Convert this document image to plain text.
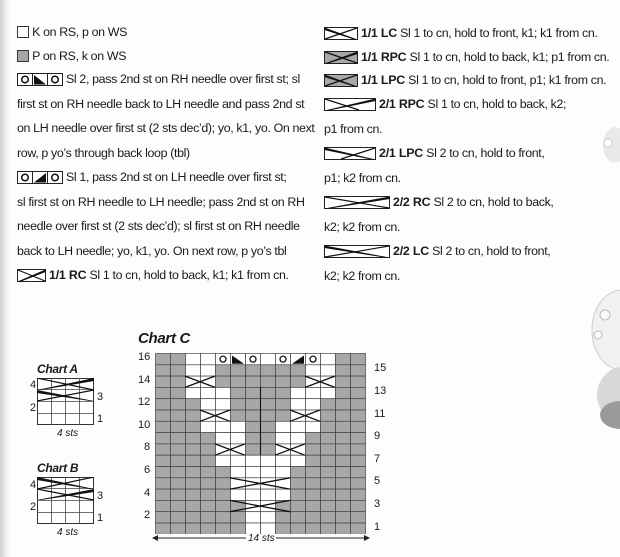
K on RS, p on WS
P on RS, k on WS
Sl 2, pass 2nd st on RH needle over first st; sl
first st on RH needle back to LH needle and pass 2nd st
on LH needle over first st (2 sts dec’d); yo, k1, yo. On next
row, p yo’s through back loop (tbl)
Sl 1, pass 2nd st on LH needle over first st;
sl first st on RH needle to LH needle; pass 2nd st on RH
needle over first st (2 sts dec’d); sl first st on RH needle
back to LH needle; yo, k1, yo. On next row, p yo’s tbl
1/1 RC Sl 1 to cn, hold to back, k1; k1 from cn.
1/1 LC Sl 1 to cn, hold to front, k1; k1 from cn.
1/1 RPC Sl 1 to cn, hold to back, k1; p1 from cn.
1/1 LPC Sl 1 to cn, hold to front, p1; k1 from cn.
2/1 RPC Sl 1 to cn, hold to back, k2;
p1 from cn.
2/1 LPC Sl 2 to cn, hold to front,
p1; k2 from cn.
2/2 RC Sl 2 to cn, hold to back,
k2; k2 from cn.
2/2 LC Sl 2 to cn, hold to front,
k2; k2 from cn.
Chart A
4
2
3
1
4 sts
Chart B
4
2
3
1
4 sts
Chart C
16
14
12
10
8
6
4
2
15
13
11
9
7
5
3
1
14 sts
